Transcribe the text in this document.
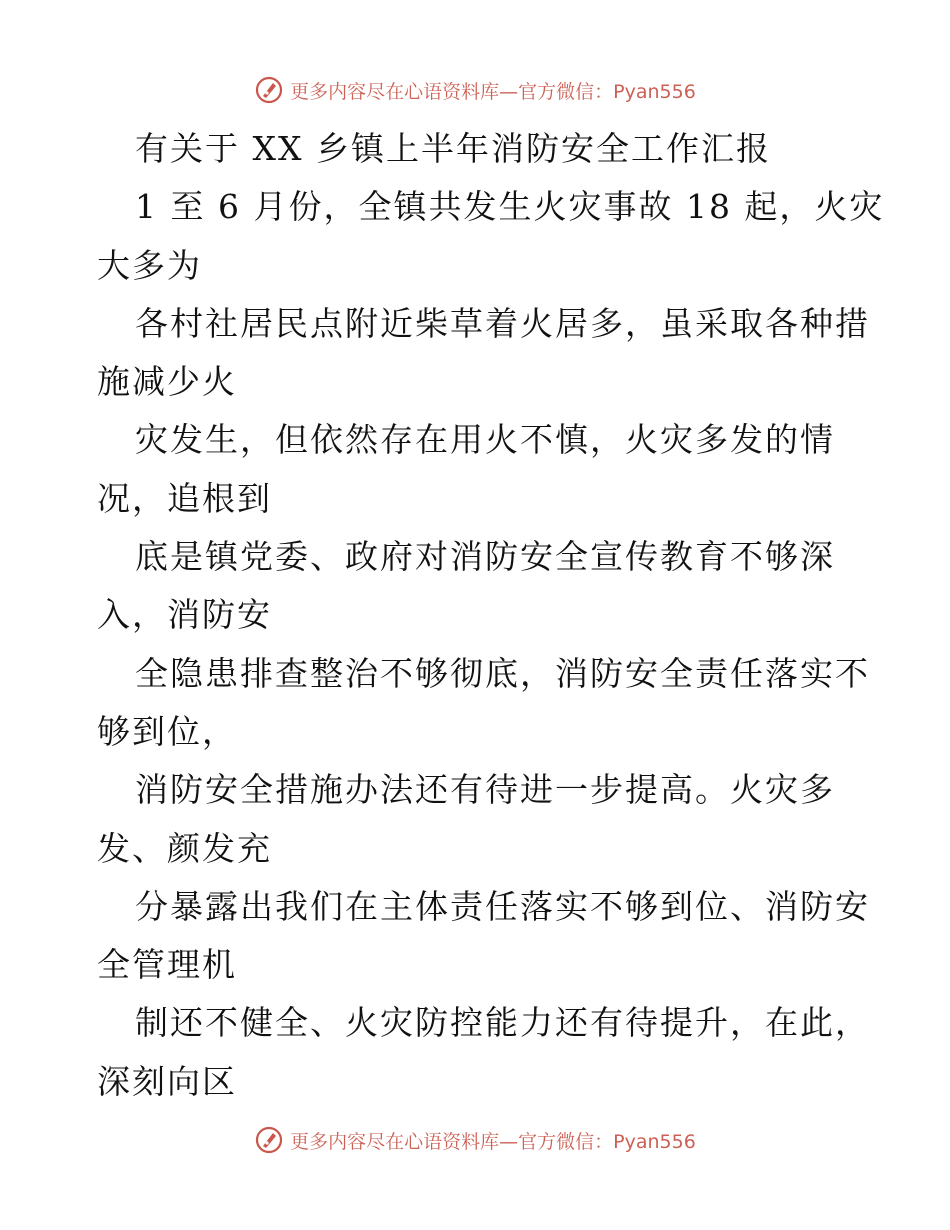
更多内容尽在心语资料库—官方微信：Pyan556
有关于 XX 乡镇上半年消防安全工作汇报
1 至 6 月份，全镇共发生火灾事故 18 起，火灾
大多为
各村社居民点附近柴草着火居多，虽采取各种措
施减少火
灾发生，但依然存在用火不慎，火灾多发的情
况，追根到
底是镇党委、政府对消防安全宣传教育不够深
入，消防安
全隐患排查整治不够彻底，消防安全责任落实不
够到位，
消防安全措施办法还有待进一步提高。火灾多
发、颜发充
分暴露出我们在主体责任落实不够到位、消防安
全管理机
制还不健全、火灾防控能力还有待提升，在此，
深刻向区
更多内容尽在心语资料库—官方微信：Pyan556
